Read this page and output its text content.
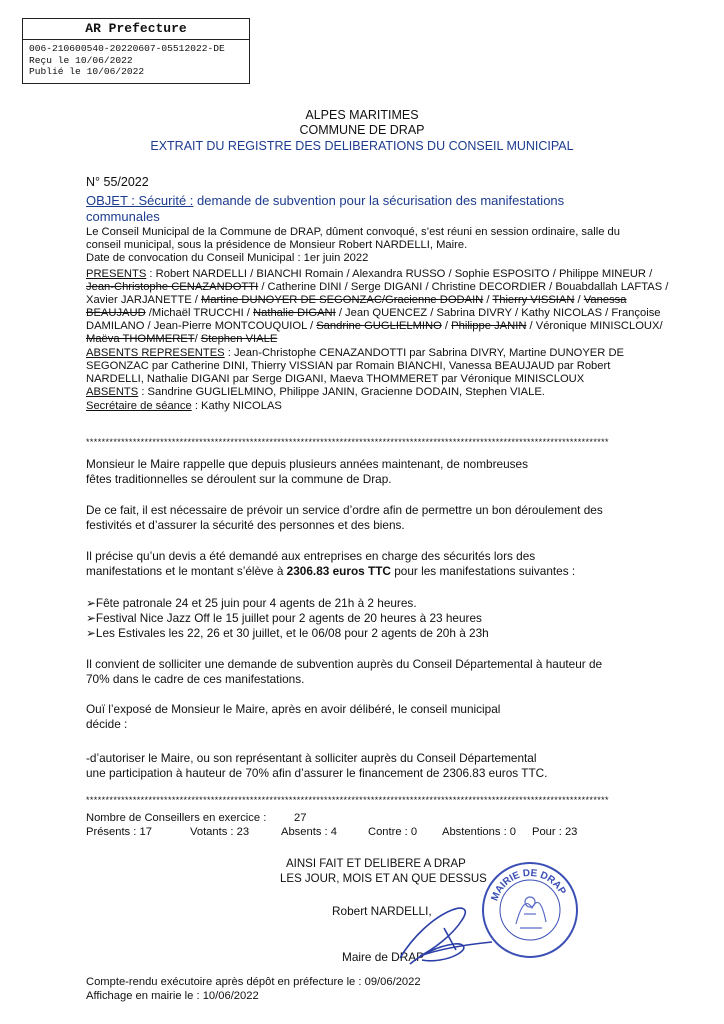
AR Prefecture
006-210600540-20220607-05512022-DE
Reçu le 10/06/2022
Publié le 10/06/2022
ALPES MARITIMES
COMMUNE DE DRAP
EXTRAIT DU REGISTRE DES DELIBERATIONS DU CONSEIL MUNICIPAL
N° 55/2022
OBJET : Sécurité : demande de subvention pour la sécurisation des manifestations
communales
Le Conseil Municipal de la Commune de DRAP, dûment convoqué, s’est réuni en session ordinaire, salle du
conseil municipal, sous la présidence de Monsieur Robert NARDELLI, Maire.
Date de convocation du Conseil Municipal : 1er juin 2022
PRESENTS : Robert NARDELLI / BIANCHI Romain / Alexandra RUSSO / Sophie ESPOSITO / Philippe MINEUR /
Jean-Christophe CENAZANDOTTI / Catherine DINI / Serge DIGANI / Christine DECORDIER / Bouabdallah LAFTAS /
Xavier JARJANETTE / Martine DUNOYER DE SEGONZAC/Gracienne DODAIN / Thierry VISSIAN / Vanessa
BEAUJAUD /Michaël TRUCCHI / Nathalie DIGANI / Jean QUENCEZ / Sabrina DIVRY / Kathy NICOLAS / Françoise
DAMILANO / Jean-Pierre MONTCOUQUIOL / Sandrine GUGLIELMINO / Philippe JANIN / Véronique MINISCLOUX/
Maëva THOMMERET/ Stephen VIALE
ABSENTS REPRESENTES : Jean-Christophe CENAZANDOTTI par Sabrina DIVRY, Martine DUNOYER DE
SEGONZAC par Catherine DINI, Thierry VISSIAN par Romain BIANCHI, Vanessa BEAUJAUD par Robert
NARDELLI, Nathalie DIGANI par Serge DIGANI, Maeva THOMMERET par Véronique MINISCLOUX
ABSENTS : Sandrine GUGLIELMINO, Philippe JANIN, Gracienne DODAIN, Stephen VIALE.
Secrétaire de séance : Kathy NICOLAS
**************************************************************************************************************************************
Monsieur le Maire rappelle que depuis plusieurs années maintenant, de nombreuses
fêtes traditionnelles se déroulent sur la commune de Drap.
De ce fait, il est nécessaire de prévoir un service d’ordre afin de permettre un bon déroulement des
festivités et d’assurer la sécurité des personnes et des biens.
Il précise qu’un devis a été demandé aux entreprises en charge des sécurités lors des
manifestations et le montant s’élève à 2306.83 euros TTC pour les manifestations suivantes :
➢Fête patronale 24 et 25 juin pour 4 agents de 21h à 2 heures.
➢Festival Nice Jazz Off le 15 juillet pour 2 agents de 20 heures à 23 heures
➢Les Estivales les 22, 26 et 30 juillet, et le 06/08 pour 2 agents de 20h à 23h
Il convient de solliciter une demande de subvention auprès du Conseil Départemental à hauteur de
70% dans le cadre de ces manifestations.
Ouï l’exposé de Monsieur le Maire, après en avoir délibéré, le conseil municipal
décide :
-d’autoriser le Maire, ou son représentant à solliciter auprès du Conseil Départemental
une participation à hauteur de 70% afin d’assurer le financement de 2306.83 euros TTC.
**************************************************************************************************************************************
Nombre de Conseillers en exercice : 27
Présents : 17	Votants : 23	Absents : 4	Contre : 0 Abstentions : 0 Pour : 23
AINSI FAIT ET DELIBERE A DRAP
LES JOUR, MOIS ET AN QUE DESSUS
Robert NARDELLI,
Maire de DRAP
MAIRIE DE DRAP
Compte-rendu exécutoire après dépôt en préfecture le : 09/06/2022
Affichage en mairie le : 10/06/2022
